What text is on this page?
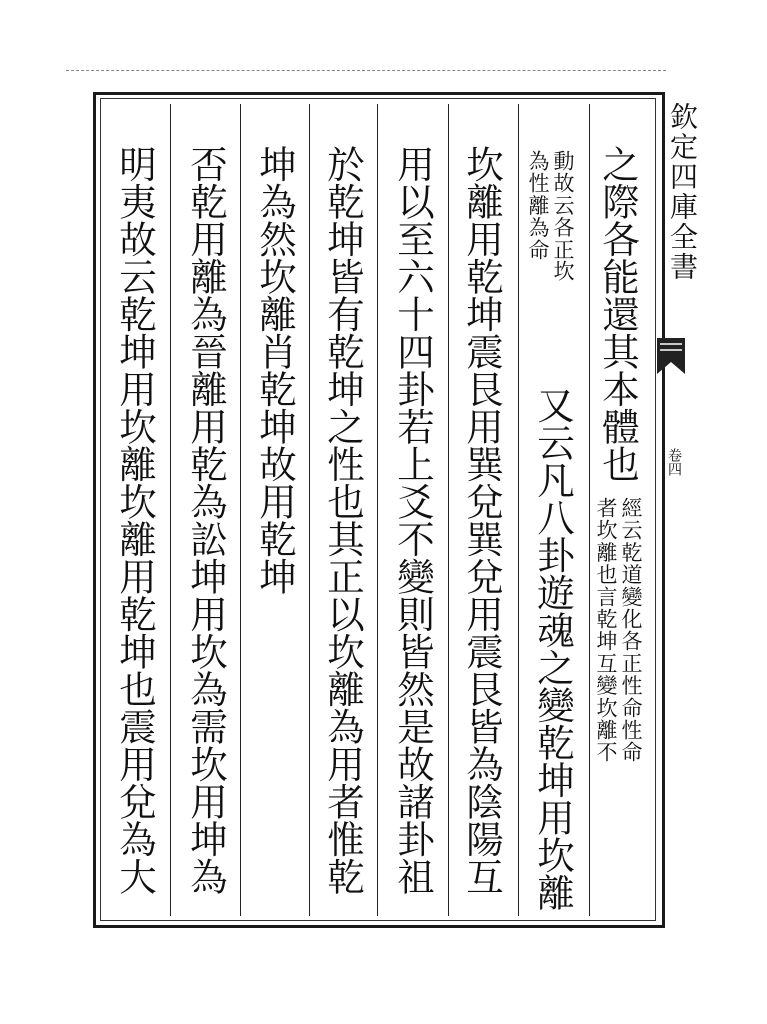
欽定四庫全書
卷四
之際各能還其本體也
經云乾道變化各正性命性命
者坎離也言乾坤互變坎離不
動故云各正
為性離為命
坎
又云凡八卦遊魂之變乾坤用坎離
坎離用乾坤震艮用巽兌巽兌用震艮皆為陰陽互
用以至六十四卦若上爻不變則皆然是故諸卦祖
於乾坤皆有乾坤之性也其正以坎離為用者惟乾
坤為然坎離肖乾坤故用乾坤
否乾用離為晉離用乾為訟坤用坎為需坎用坤為
明夷故云乾坤用坎離坎離用乾坤也震用兌為大
